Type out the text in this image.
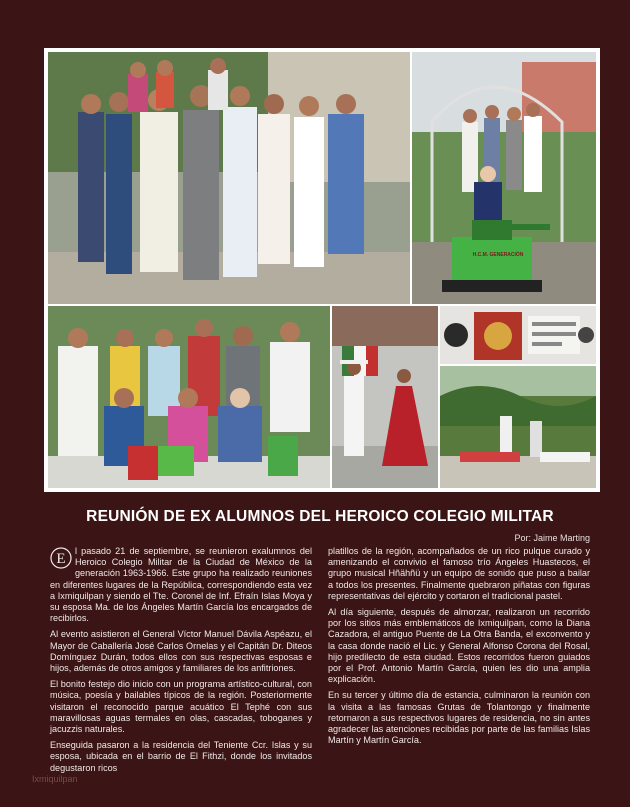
H.C.M. GENERACIÓN
REUNIÓN DE EX ALUMNOS DEL HEROICO COLEGIO MILITAR
Por: Jaime Marting

E l pasado 21 de septiembre, se reunieron exalumnos del Heroico Colegio Militar de la Ciudad de México de la generación 1963-1966. Este grupo ha realizado reuniones en diferentes lugares de la República, correspondiendo esta vez a Ixmiquilpan y siendo el Tte. Coronel de Inf. Efraín Islas Moya y su esposa Ma. de los Ángeles Martín García los encargados de recibirlos.

Al evento asistieron el General Víctor Manuel Dávila Aspéazu, el Mayor de Caballería José Carlos Ornelas y el Capitán Dr. Diteos Domínguez Durán, todos ellos con sus respectivas esposas e hijos, además de otros amigos y familiares de los anfitriones.

El bonito festejo dio inicio con un programa artístico-cultural, con música, poesía y bailables típicos de la región. Posteriormente visitaron el reconocido parque acuático El Tephé con sus maravillosas aguas termales en olas, cascadas, toboganes y jacuzzis naturales.

Enseguida pasaron a la residencia del Teniente Ccr. Islas y su esposa, ubicada en el barrio de El Fithzi, donde los invitados degustaron ricos

platillos de la región, acompañados de un rico pulque curado y amenizando el convivio el famoso trío Ángeles Huastecos, el grupo musical Hñähñü y un equipo de sonido que puso a bailar a todos los presentes. Finalmente quebraron piñatas con figuras representativas del ejército y cortaron el tradicional pastel.

Al día siguiente, después de almorzar, realizaron un recorrido por los sitios más emblemáticos de Ixmiquilpan, como la Diana Cazadora, el antiguo Puente de La Otra Banda, el exconvento y la casa donde nació el Lic. y General Alfonso Corona del Rosal, hijo predilecto de esta ciudad. Estos recorridos fueron guiados por el Prof. Antonio Martín García, quien les dio una amplia explicación.

En su tercer y último día de estancia, culminaron la reunión con la visita a las famosas Grutas de Tolantongo y finalmente retornaron a sus respectivos lugares de residencia, no sin antes agradecer las atenciones recibidas por parte de las familias Islas Martín y Martín García.

Ixmiquilpan
